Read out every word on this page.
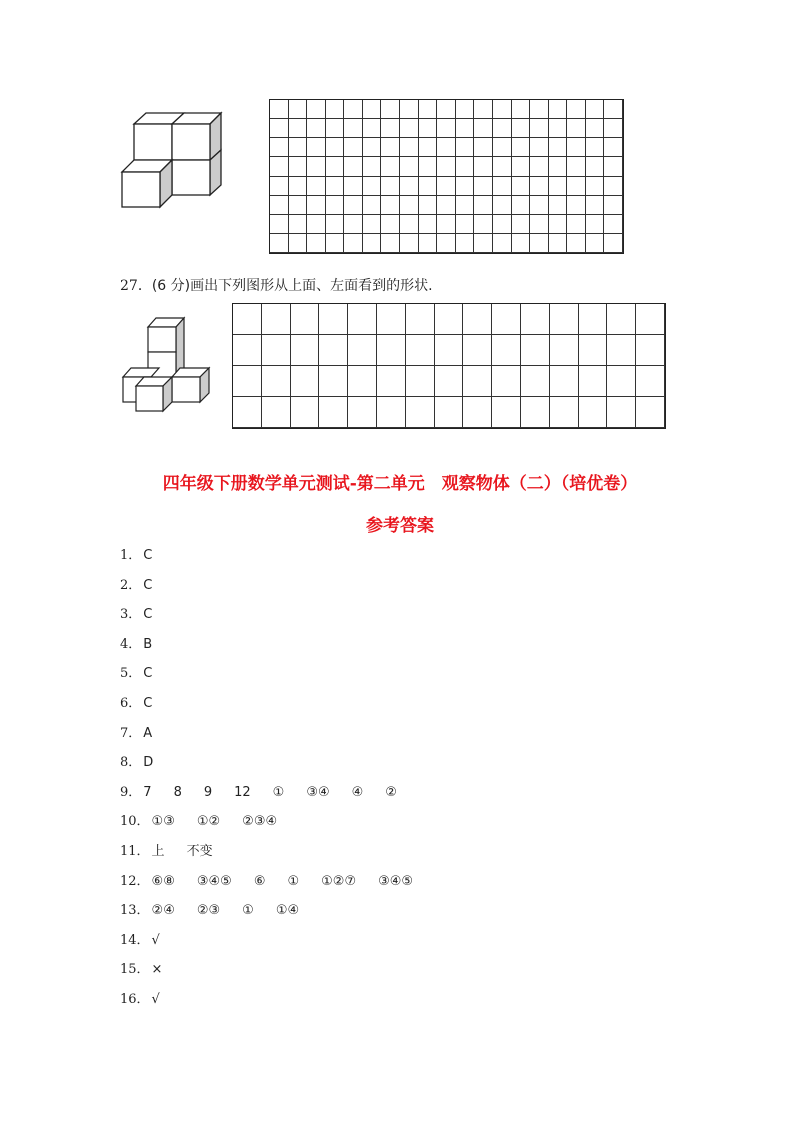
27．(6 分)画出下列图形从上面、左面看到的形状.
四年级下册数学单元测试-第二单元　观察物体（二）（培优卷）
参考答案
1． C
2． C
3． C
4． B
5． C
6． C
7． A
8． D
9． 7 8 9 12 ① ③④ ④ ②
10． ①③ ①② ②③④
11． 上 不变
12． ⑥⑧ ③④⑤ ⑥ ① ①②⑦ ③④⑤
13． ②④ ②③ ① ①④
14． √
15． ×
16． √
